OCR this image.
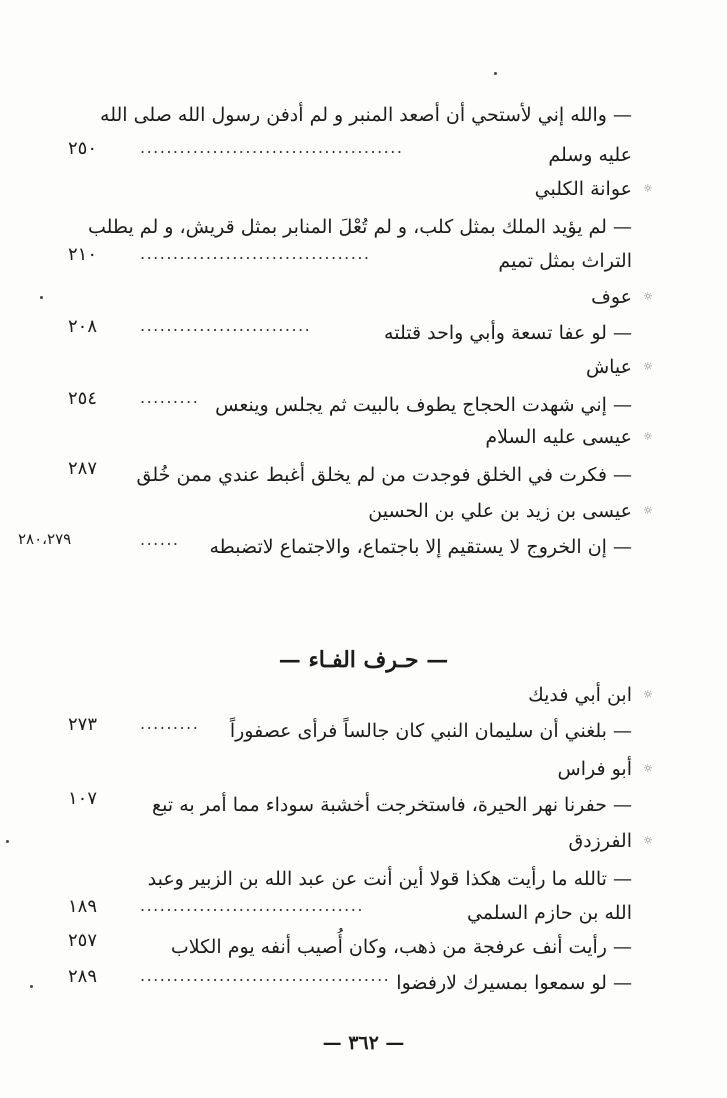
— والله إني لأستحي أن أصعد المنبر و لم أدفن رسول الله صلى الله
عليه وسلم
........................................
٢٥٠
☼
عوانة الكلبي
— لم يؤيد الملك بمثل كلب، و لم تُعْلَ المنابر بمثل قريش، و لم يطلب
التراث بمثل تميم
...................................
٢١٠
☼
عوف
— لو عفا تسعة وأبي واحد قتلته
..........................
٢٠٨
☼
عياش
— إني شهدت الحجاج يطوف بالبيت ثم يجلس وينعس
.........
٢٥٤
☼
عيسى عليه السلام
— فكرت في الخلق فوجدت من لم يخلق أغبط عندي ممن خُلق
٢٨٧
☼
عيسى بن زيد بن علي بن الحسين
— إن الخروج لا يستقيم إلا باجتماع، والاجتماع لاتضبطه
......
٢٨٠،٢٧٩
— حـرف الفـاء —
☼
ابن أبي فديك
— بلغني أن سليمان النبي كان جالساً فرأى عصفوراً
.........
٢٧٣
☼
أبو فراس
— حفرنا نهر الحيرة، فاستخرجت أخشبة سوداء مما أمر به تبع
١٠٧
☼
الفرزدق
— تالله ما رأيت هكذا قولا أين أنت عن عبد الله بن الزبير وعبد
الله بن حازم السلمي
..................................
١٨٩
— رأيت أنف عرفجة من ذهب، وكان أُصيب أنفه يوم الكلاب
٢٥٧
— لو سمعوا بمسيرك لارفضوا
......................................
٢٨٩
— ٣٦٢ —
